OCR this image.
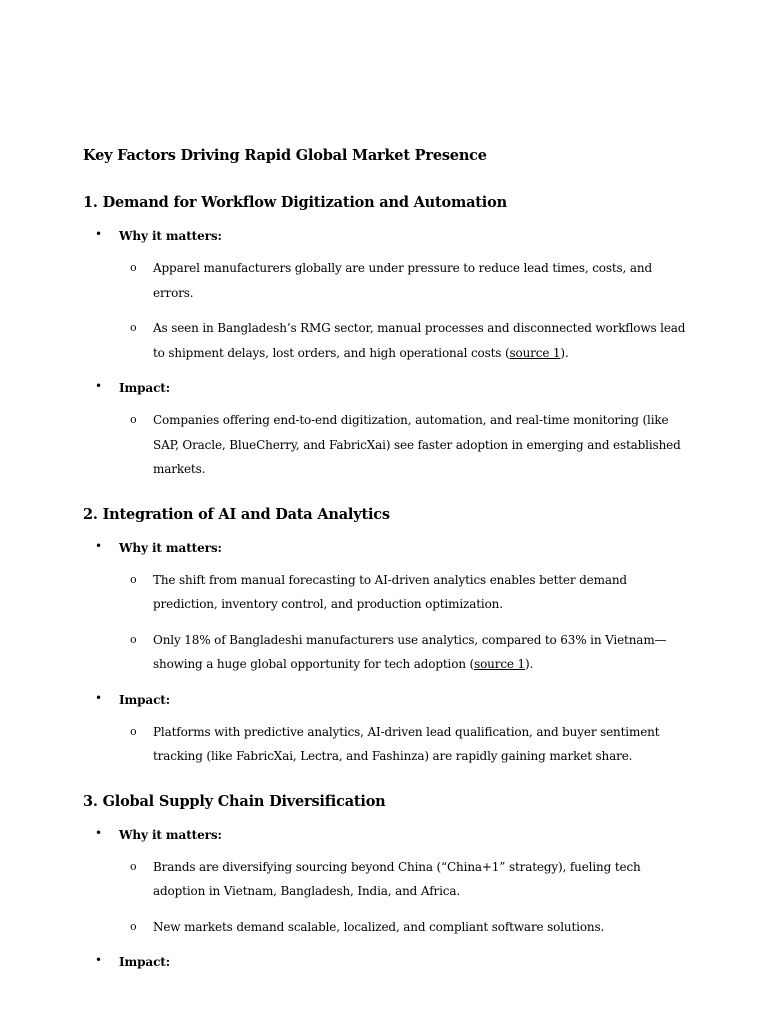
Key Factors Driving Rapid Global Market Presence
1. Demand for Workflow Digitization and Automation
• Why it matters:
o Apparel manufacturers globally are under pressure to reduce lead times, costs, and errors.
o As seen in Bangladesh’s RMG sector, manual processes and disconnected workflows lead to shipment delays, lost orders, and high operational costs (source 1).
• Impact:
o Companies offering end-to-end digitization, automation, and real-time monitoring (like SAP, Oracle, BlueCherry, and FabricXai) see faster adoption in emerging and established markets.
2. Integration of AI and Data Analytics
• Why it matters:
o The shift from manual forecasting to AI-driven analytics enables better demand prediction, inventory control, and production optimization.
o Only 18% of Bangladeshi manufacturers use analytics, compared to 63% in Vietnam—showing a huge global opportunity for tech adoption (source 1).
• Impact:
o Platforms with predictive analytics, AI-driven lead qualification, and buyer sentiment tracking (like FabricXai, Lectra, and Fashinza) are rapidly gaining market share.
3. Global Supply Chain Diversification
• Why it matters:
o Brands are diversifying sourcing beyond China (“China+1” strategy), fueling tech adoption in Vietnam, Bangladesh, India, and Africa.
o New markets demand scalable, localized, and compliant software solutions.
• Impact:
